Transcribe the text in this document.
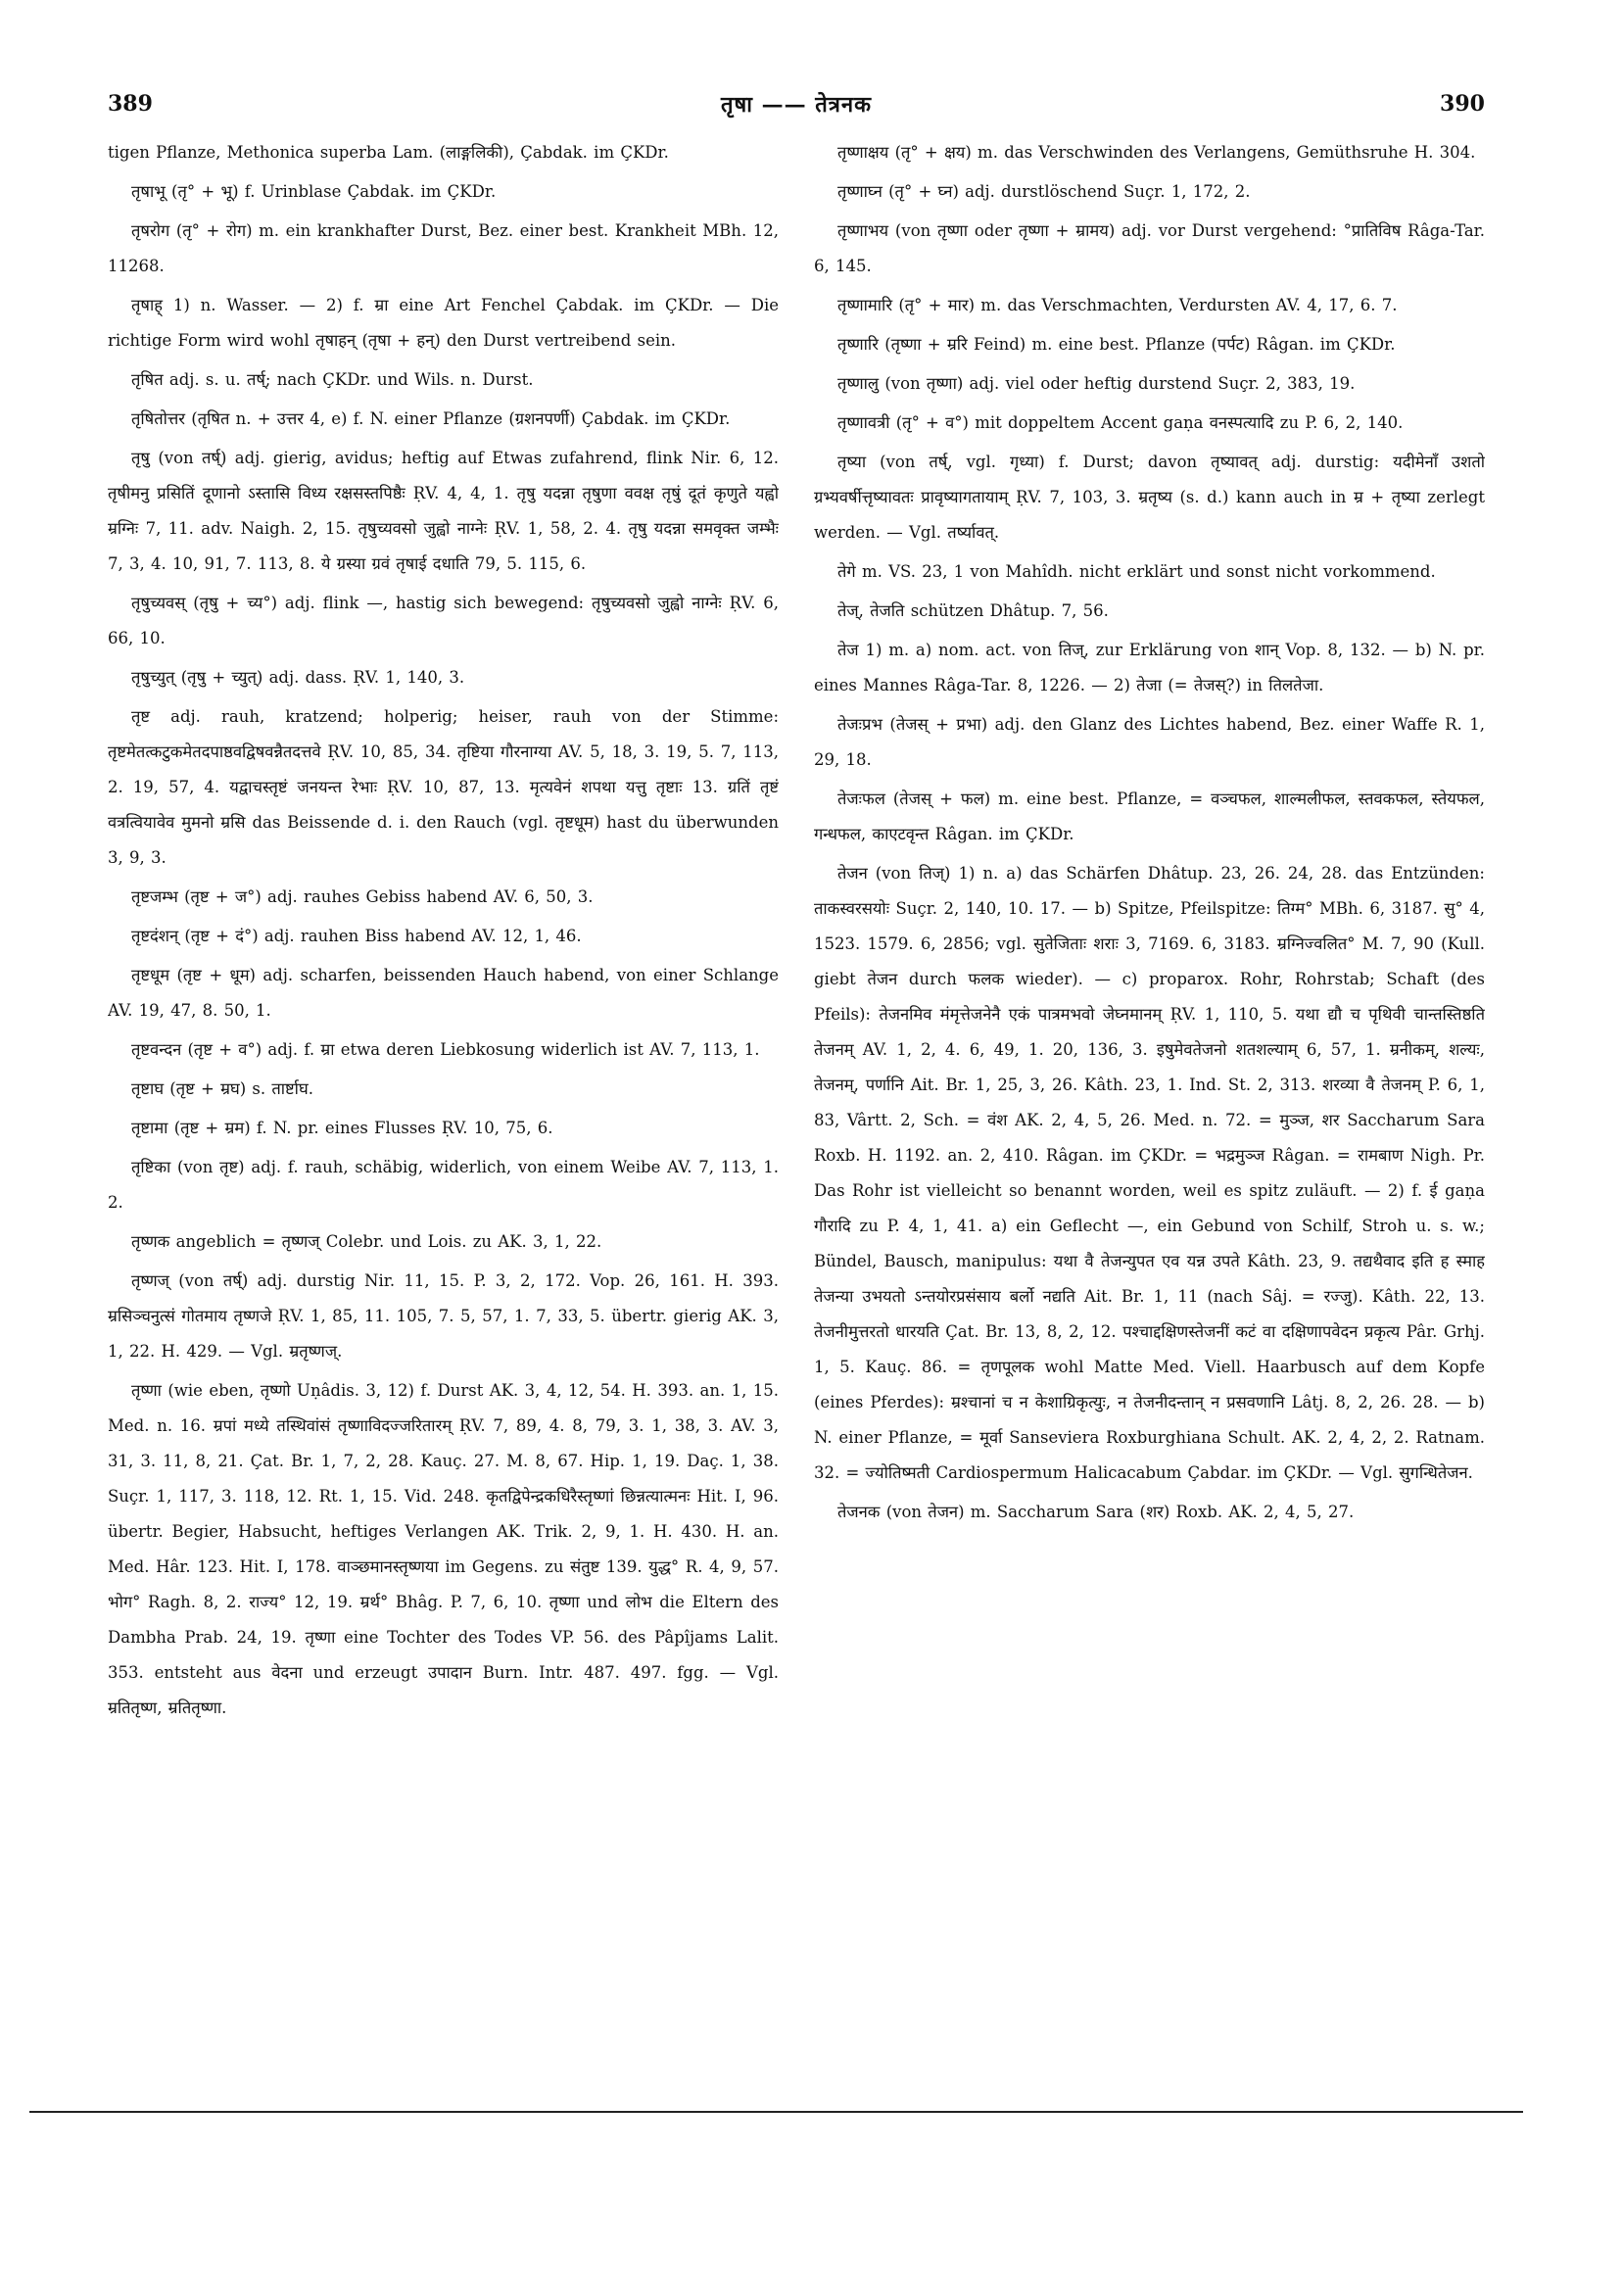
389	तृषा —— तेत्रनक	390

tigen Pflanze, Methonica superba Lam. (लाङ्गलिकी), Çabdak. im ÇKDr.

तृषाभू (तृ° + भू) f. Urinblase Çabdak. im ÇKDr.

तृषरोग (तृ° + रोग) m. ein krankhafter Durst, Bez. einer best. Krankheit MBh. 12, 11268.

तृषाह् 1) n. Wasser. — 2) f. म्रा eine Art Fenchel Çabdak. im ÇKDr. — Die richtige Form wird wohl तृषाहन् (तृषा + हन्) den Durst vertreibend sein.

तृषित adj. s. u. तर्ष्; nach ÇKDr. und Wils. n. Durst.

तृषितोत्तर (तृषित n. + उत्तर 4, e) f. N. einer Pflanze (ग्रशनपर्णी) Çabdak. im ÇKDr.

तृषु (von तर्ष्) adj. gierig, avidus; heftig auf Etwas zufahrend, flink Nir. 6, 12. तृषीमनु प्रसितिं दूणानो ऽस्तासि विध्य रक्षसस्तपिष्ठैः ṚV. 4, 4, 1. तृषु यदन्ना तृषुणा ववक्ष तृषुं दूतं कृणुते यह्वो म्रग्निः 7, 11. adv. Naigh. 2, 15. तृषुच्यवसो जुह्वो नाग्नेः ṚV. 1, 58, 2. 4. तृषु यदन्ना समवृक्त जम्भैः 7, 3, 4. 10, 91, 7. 113, 8. ये ग्रस्या ग्रवं तृषाई दधाति 79, 5. 115, 6.

तृषुच्यवस् (तृषु + च्य°) adj. flink —, hastig sich bewegend: तृषुच्यवसो जुह्वो नाग्नेः ṚV. 6, 66, 10.

तृषुच्युत् (तृषु + च्युत्) adj. dass. ṚV. 1, 140, 3.

तृष्ट adj. rauh, kratzend; holperig; heiser, rauh von der Stimme: तृष्टमेतत्कटुकमेतदपाष्ठवद्विषवन्नैतदत्तवे ṚV. 10, 85, 34. तृष्टिया गौरनाग्या AV. 5, 18, 3. 19, 5. 7, 113, 2. 19, 57, 4. यद्वाचस्तृष्टं जनयन्त रेभाः ṚV. 10, 87, 13. मृत्यवेनं शपथा यत्तु तृष्टाः 13. ग्रतिं तृष्टं वत्रत्वियावेव मुमनो म्रसि das Beissende d. i. den Rauch (vgl. तृष्टधूम) hast du überwunden 3, 9, 3.

तृष्टजम्भ (तृष्ट + ज°) adj. rauhes Gebiss habend AV. 6, 50, 3.

तृष्टदंशन् (तृष्ट + दं°) adj. rauhen Biss habend AV. 12, 1, 46.

तृष्टधूम (तृष्ट + धूम) adj. scharfen, beissenden Hauch habend, von einer Schlange AV. 19, 47, 8. 50, 1.

तृष्टवन्दन (तृष्ट + व°) adj. f. म्रा etwa deren Liebkosung widerlich ist AV. 7, 113, 1.

तृष्टाघ (तृष्ट + म्रघ) s. तार्ष्टाघ.

तृष्टामा (तृष्ट + म्रम) f. N. pr. eines Flusses ṚV. 10, 75, 6.

तृष्टिका (von तृष्ट) adj. f. rauh, schäbig, widerlich, von einem Weibe AV. 7, 113, 1. 2.

तृष्णक angeblich = तृष्णज् Colebr. und Lois. zu AK. 3, 1, 22.

तृष्णज् (von तर्ष्) adj. durstig Nir. 11, 15. P. 3, 2, 172. Vop. 26, 161. H. 393. म्रसिञ्चनुत्सं गोतमाय तृष्णजे ṚV. 1, 85, 11. 105, 7. 5, 57, 1. 7, 33, 5. übertr. gierig AK. 3, 1, 22. H. 429. — Vgl. म्रतृष्णज्.

तृष्णा (wie eben, तृष्णो Uṇâdis. 3, 12) f. Durst AK. 3, 4, 12, 54. H. 393. an. 1, 15. Med. n. 16. म्रपां मध्ये तस्थिवांसं तृष्णाविदज्जरितारम् ṚV. 7, 89, 4. 8, 79, 3. 1, 38, 3. AV. 3, 31, 3. 11, 8, 21. Çat. Br. 1, 7, 2, 28. Kauç. 27. M. 8, 67. Hip. 1, 19. Daç. 1, 38. Suçr. 1, 117, 3. 118, 12. Rt. 1, 15. Vid. 248. कृतद्विपेन्द्रकधिरैस्तृष्णां छिन्नत्यात्मनः Hit. I, 96. übertr. Begier, Habsucht, heftiges Verlangen AK. Trik. 2, 9, 1. H. 430. H. an. Med. Hâr. 123. Hit. I, 178. वाञ्छमानस्तृष्णया im Gegens. zu संतुष्ट 139. युद्ध° R. 4, 9, 57. भोग° Ragh. 8, 2. राज्य° 12, 19. म्रर्थ° Bhâg. P. 7, 6, 10. तृष्णा und लोभ die Eltern des Dambha Prab. 24, 19. तृष्णा eine Tochter des Todes VP. 56. des Pâpîjams Lalit. 353. entsteht aus वेदना und erzeugt उपादान Burn. Intr. 487. 497. fgg. — Vgl. म्रतितृष्ण, म्रतितृष्णा.

तृष्णाक्षय (तृ° + क्षय) m. das Verschwinden des Verlangens, Gemüthsruhe H. 304.

तृष्णाघ्न (तृ° + घ्न) adj. durstlöschend Suçr. 1, 172, 2.

तृष्णाभय (von तृष्णा oder तृष्णा + म्रामय) adj. vor Durst vergehend: °प्रातिविष Râga-Tar. 6, 145.

तृष्णामारि (तृ° + मार) m. das Verschmachten, Verdursten AV. 4, 17, 6. 7.

तृष्णारि (तृष्णा + म्ररि Feind) m. eine best. Pflanze (पर्पट) Râgan. im ÇKDr.

तृष्णालु (von तृष्णा) adj. viel oder heftig durstend Suçr. 2, 383, 19.

तृष्णावत्री (तृ° + व°) mit doppeltem Accent gaṇa वनस्पत्यादि zu P. 6, 2, 140.

तृष्या (von तर्ष्, vgl. गृध्या) f. Durst; davon तृष्यावत् adj. durstig: यदीमेनाँ उशतो ग्रभ्यवर्षीत्तृष्यावतः प्रावृष्यागतायाम् ṚV. 7, 103, 3. म्रतृष्य (s. d.) kann auch in म्र + तृष्या zerlegt werden. — Vgl. तर्ष्यावत्.

तेगे m. VS. 23, 1 von Mahîdh. nicht erklärt und sonst nicht vorkommend.

तेज्, तेजति schützen Dhâtup. 7, 56.

तेज 1) m. a) nom. act. von तिज्, zur Erklärung von शान् Vop. 8, 132. — b) N. pr. eines Mannes Râga-Tar. 8, 1226. — 2) तेजा (= तेजस्?) in तिलतेजा.

तेजःप्रभ (तेजस् + प्रभा) adj. den Glanz des Lichtes habend, Bez. einer Waffe R. 1, 29, 18.

तेजःफल (तेजस् + फल) m. eine best. Pflanze, = वञ्चफल, शाल्मलीफल, स्तवकफल, स्तेयफल, गन्धफल, काएटवृन्त Râgan. im ÇKDr.

तेजन (von तिज्) 1) n. a) das Schärfen Dhâtup. 23, 26. 24, 28. das Entzünden: ताकस्वरसयोः Suçr. 2, 140, 10. 17. — b) Spitze, Pfeilspitze: तिग्म° MBh. 6, 3187. सु° 4, 1523. 1579. 6, 2856; vgl. सुतेजिताः शराः 3, 7169. 6, 3183. म्रग्निज्वलित° M. 7, 90 (Kull. giebt तेजन durch फलक wieder). — c) proparox. Rohr, Rohrstab; Schaft (des Pfeils): तेजनमिव मंमृत्तेजनेनै एकं पात्रमभवो जेघ्नमानम् ṚV. 1, 110, 5. यथा द्यौ च पृथिवी चान्तस्तिष्ठति तेजनम् AV. 1, 2, 4. 6, 49, 1. 20, 136, 3. इषुमेवतेजनो शतशल्याम् 6, 57, 1. म्रनीकम्, शल्यः, तेजनम्, पर्णानि Ait. Br. 1, 25, 3, 26. Kâth. 23, 1. Ind. St. 2, 313. शरव्या वै तेजनम् P. 6, 1, 83, Vârtt. 2, Sch. = वंश AK. 2, 4, 5, 26. Med. n. 72. = मुञ्ज, शर Saccharum Sara Roxb. H. 1192. an. 2, 410. Râgan. im ÇKDr. = भद्रमुञ्ज Râgan. = रामबाण Nigh. Pr. Das Rohr ist vielleicht so benannt worden, weil es spitz zuläuft. — 2) f. ई gaṇa गौरादि zu P. 4, 1, 41. a) ein Geflecht —, ein Gebund von Schilf, Stroh u. s. w.; Bündel, Bausch, manipulus: यथा वै तेजन्युपत एव यन्न उपते Kâth. 23, 9. तद्यथैवाद इति ह स्माह तेजन्या उभयतो ऽन्तयोरप्रसंसाय बर्लो नद्यति Ait. Br. 1, 11 (nach Sâj. = रज्जु). Kâth. 22, 13. तेजनीमुत्तरतो धारयति Çat. Br. 13, 8, 2, 12. पश्चाद्दक्षिणस्तेजनीं कटं वा दक्षिणापवेदन प्रकृत्य Pâr. Grhj. 1, 5. Kauç. 86. = तृणपूलक wohl Matte Med. Viell. Haarbusch auf dem Kopfe (eines Pferdes): म्रश्चानां च न केशाग्रिकृत्युः, न तेजनीदन्तान् न प्रसवणानि Lâtj. 8, 2, 26. 28. — b) N. einer Pflanze, = मूर्वा Sanseviera Roxburghiana Schult. AK. 2, 4, 2, 2. Ratnam. 32. = ज्योतिष्मती Cardiospermum Halicacabum Çabdar. im ÇKDr. — Vgl. सुगन्धितेजन.

तेजनक (von तेजन) m. Saccharum Sara (शर) Roxb. AK. 2, 4, 5, 27.
